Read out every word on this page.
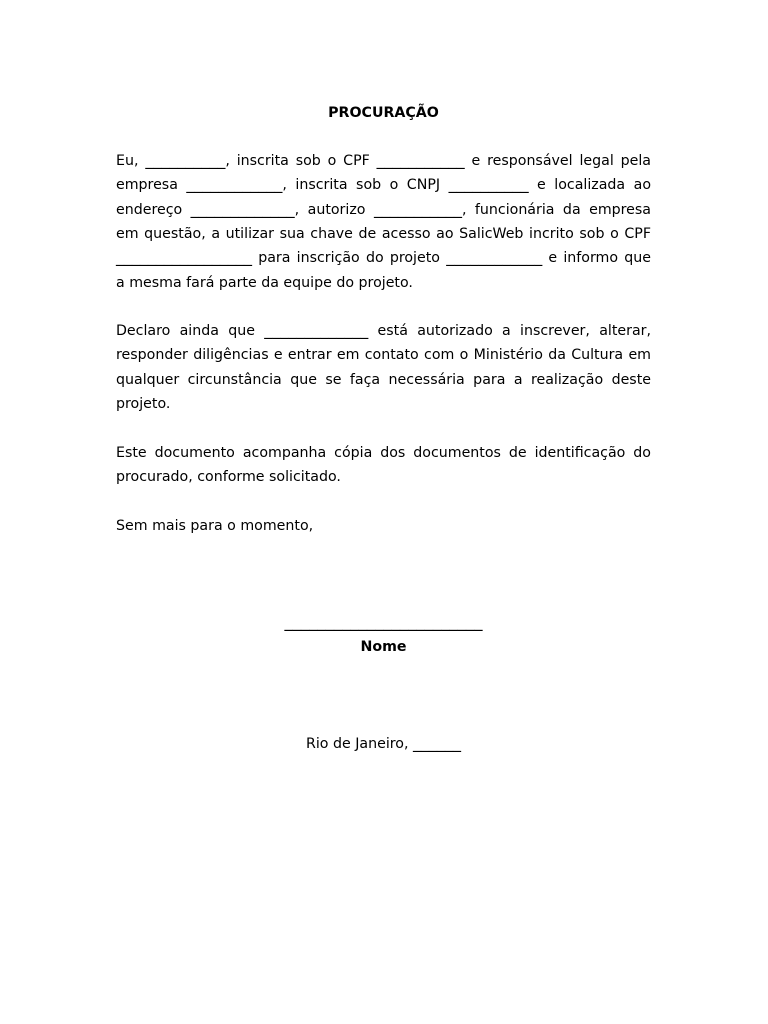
PROCURAÇÃO
Eu, __________, inscrita sob o CPF ___________ e responsável legal pela
empresa ____________, inscrita sob o CNPJ __________ e localizada ao
endereço _____________, autorizo ___________, funcionária da empresa
em questão, a utilizar sua chave de acesso ao SalicWeb incrito sob o CPF
_________________ para inscrição do projeto ____________ e informo que
a mesma fará parte da equipe do projeto.
Declaro ainda que _____________ está autorizado a inscrever, alterar,
responder diligências e entrar em contato com o Ministério da Cultura em
qualquer circunstância que se faça necessária para a realização deste
projeto.
Este documento acompanha cópia dos documentos de identificação do
procurado, conforme solicitado.
Sem mais para o momento,
________________________
Nome
Rio de Janeiro, ______
